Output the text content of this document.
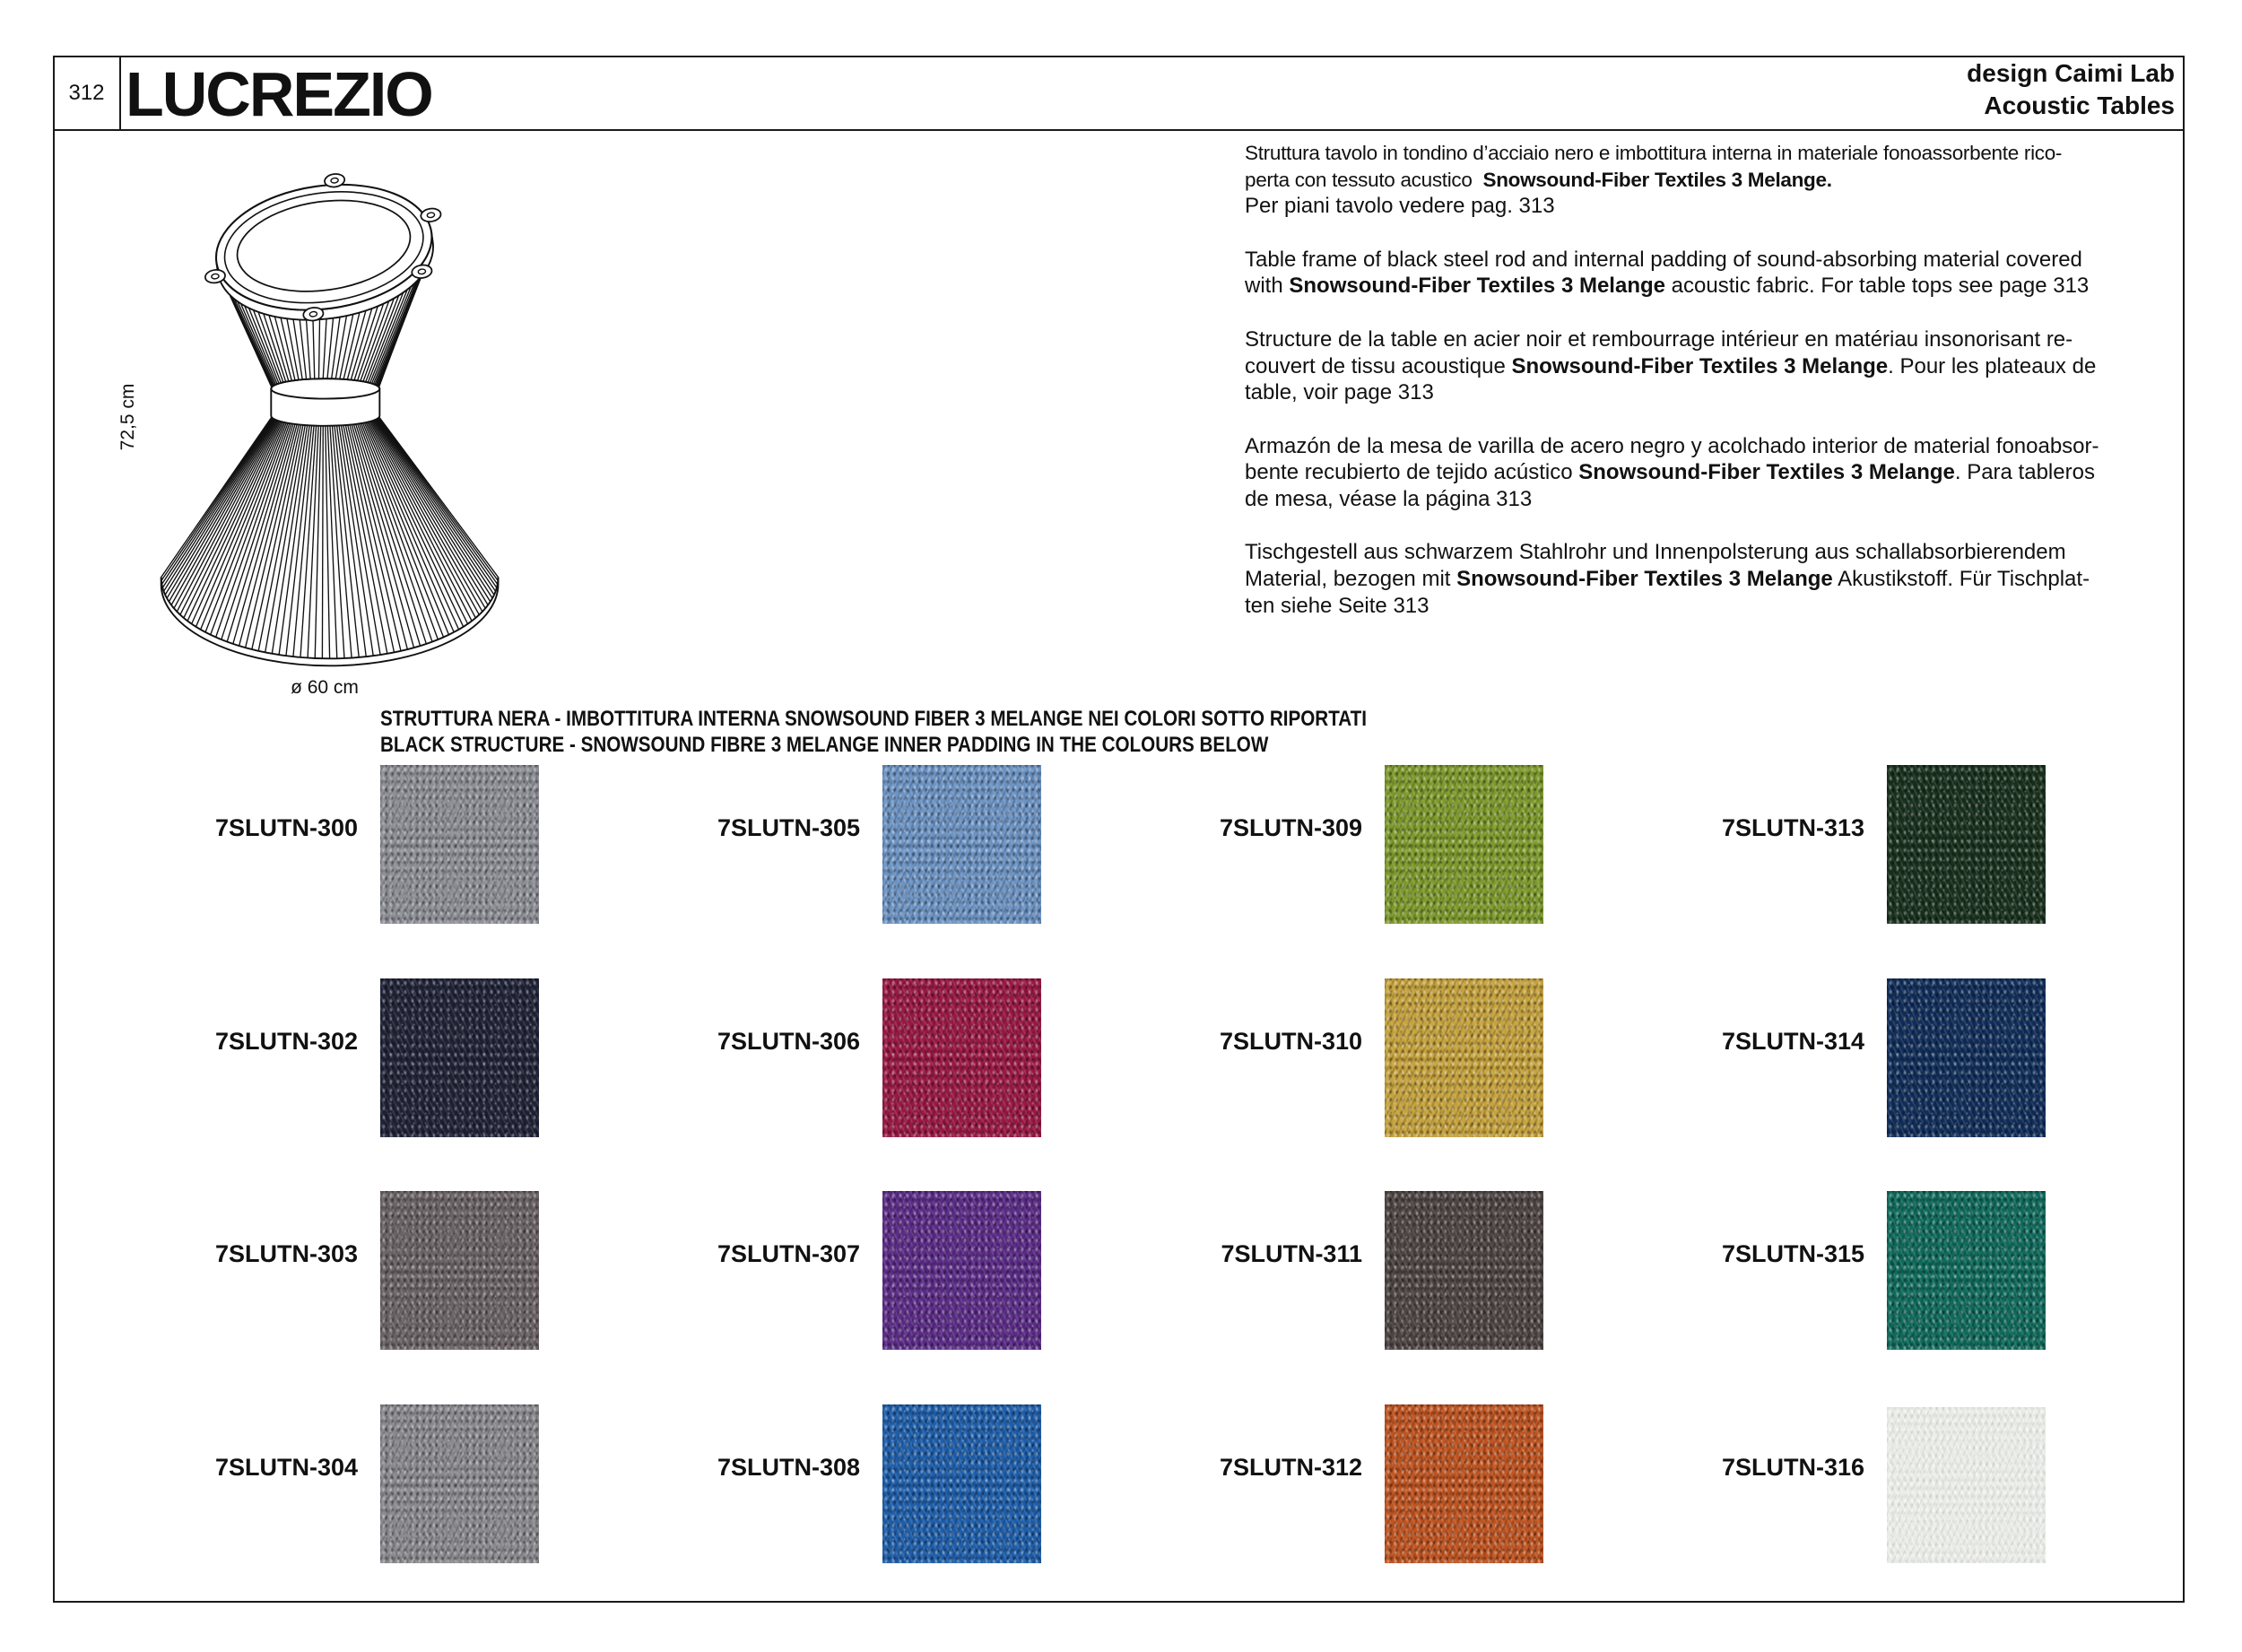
312 LUCREZIO	design Caimi Lab
Acoustic Tables
72,5 cm
ø 60 cm
Struttura tavolo in tondino d’acciaio nero e imbottitura interna in materiale fonoassorbente rico-
perta con tessuto acustico  Snowsound-Fiber Textiles 3 Melange.
Per piani tavolo vedere pag. 313
Table frame of black steel rod and internal padding of sound-absorbing material covered
with Snowsound-Fiber Textiles 3 Melange acoustic fabric. For table tops see page 313
Structure de la table en acier noir et rembourrage intérieur en matériau insonorisant re-
couvert de tissu acoustique Snowsound-Fiber Textiles 3 Melange. Pour les plateaux de
table, voir page 313
Armazón de la mesa de varilla de acero negro y acolchado interior de material fonoabsor-
bente recubierto de tejido acústico Snowsound-Fiber Textiles 3 Melange. Para tableros
de mesa, véase la página 313
Tischgestell aus schwarzem Stahlrohr und Innenpolsterung aus schallabsorbierendem
Material, bezogen mit Snowsound-Fiber Textiles 3 Melange Akustikstoff. Für Tischplat-
ten siehe Seite 313
STRUTTURA NERA - IMBOTTITURA INTERNA SNOWSOUND FIBER 3 MELANGE NEI COLORI SOTTO RIPORTATI
BLACK STRUCTURE - SNOWSOUND FIBRE 3 MELANGE INNER PADDING IN THE COLOURS BELOW
7SLUTN-300
7SLUTN-302
7SLUTN-303
7SLUTN-304
7SLUTN-305
7SLUTN-306
7SLUTN-307
7SLUTN-308
7SLUTN-309
7SLUTN-310
7SLUTN-311
7SLUTN-312
7SLUTN-313
7SLUTN-314
7SLUTN-315
7SLUTN-316
